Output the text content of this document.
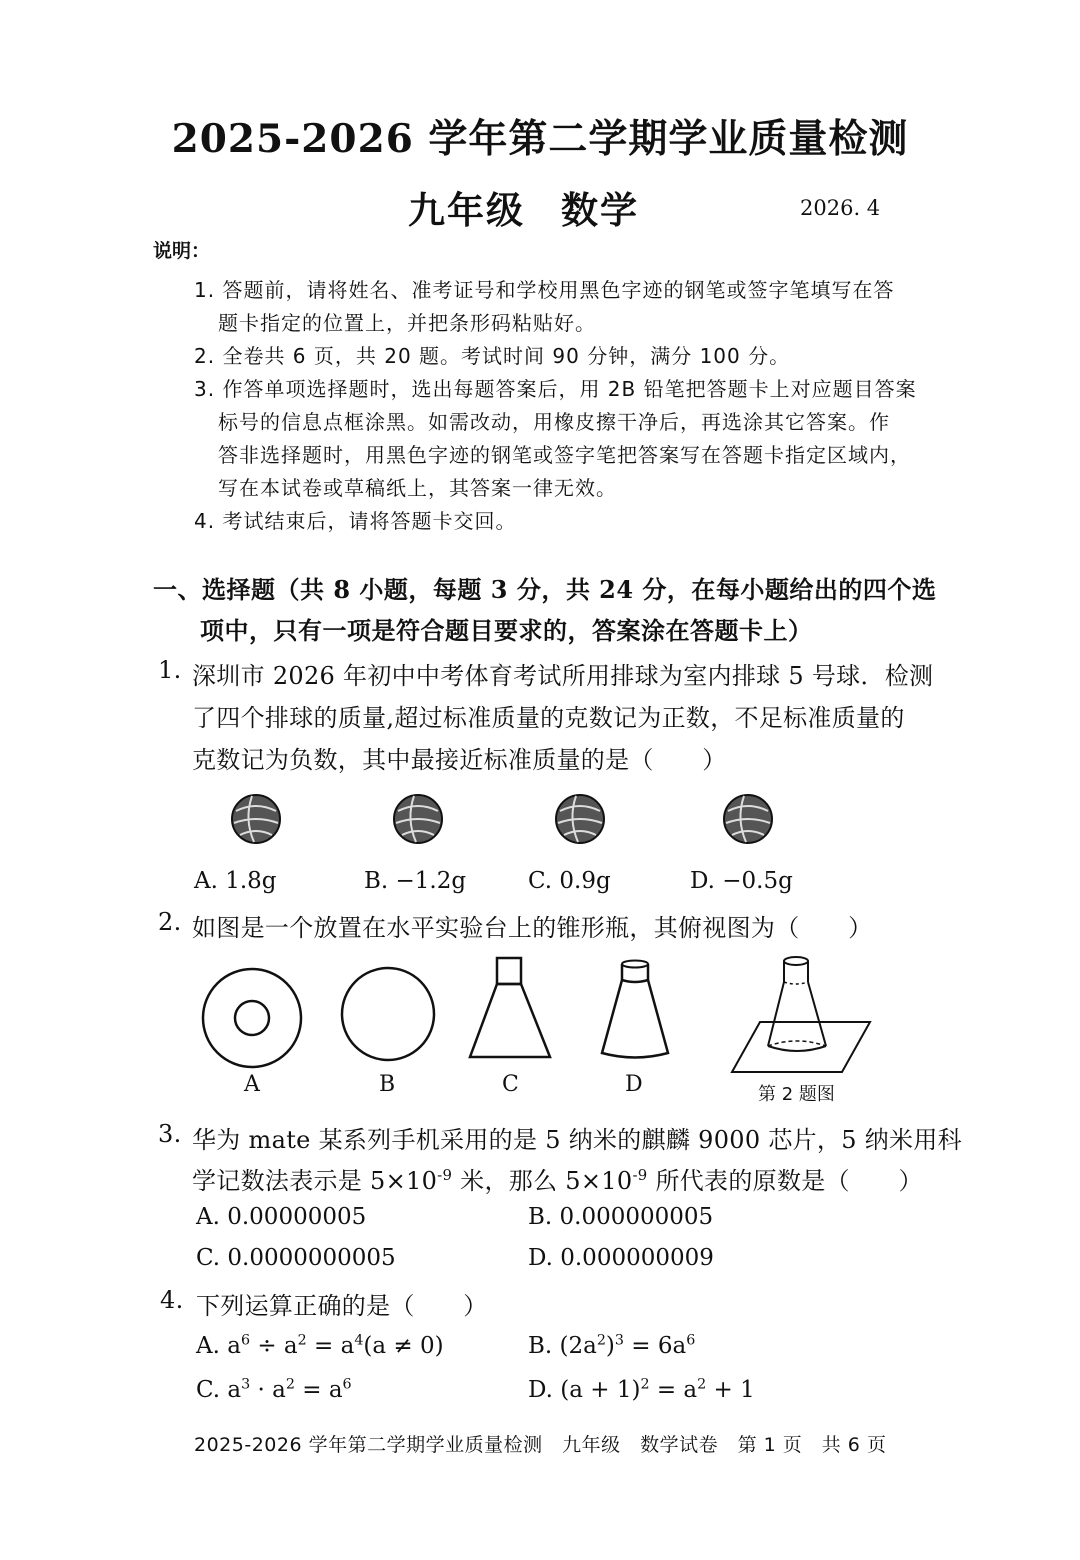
2025-2026 学年第二学期学业质量检测
九年级 数学	2026. 4
说明：
1. 答题前，请将姓名、准考证号和学校用黑色字迹的钢笔或签字笔填写在答
题卡指定的位置上，并把条形码粘贴好。
2. 全卷共 6 页，共 20 题。考试时间 90 分钟，满分 100 分。
3. 作答单项选择题时，选出每题答案后，用 2B 铅笔把答题卡上对应题目答案
标号的信息点框涂黑。如需改动，用橡皮擦干净后，再选涂其它答案。作
答非选择题时，用黑色字迹的钢笔或签字笔把答案写在答题卡指定区域内，
写在本试卷或草稿纸上，其答案一律无效。
4. 考试结束后，请将答题卡交回。
一、选择题（共 8 小题，每题 3 分，共 24 分，在每小题给出的四个选
项中，只有一项是符合题目要求的，答案涂在答题卡上）
1. 深圳市 2026 年初中中考体育考试所用排球为室内排球 5 号球．检测
了四个排球的质量,超过标准质量的克数记为正数，不足标准质量的
克数记为负数，其中最接近标准质量的是（　　）
A. 1.8g	B. −1.2g	C. 0.9g	D. −0.5g
2. 如图是一个放置在水平实验台上的锥形瓶，其俯视图为（　　）
A	B	C	D	第 2 题图
3. 华为 mate 某系列手机采用的是 5 纳米的麒麟 9000 芯片，5 纳米用科
学记数法表示是 $5\times 10^{-9}$ 米，那么 $5\times 10^{-9}$ 所代表的原数是（　　）
A. 0.00000005	B. 0.000000005
C. 0.0000000005	D. 0.000000009
4. 下列运算正确的是（　　）
A. $a^6 \div a^2 = a^4(a \ne 0)$	B. $(2a^2)^3 = 6a^6$
C. $a^3 \cdot a^2 = a^6$	D. $(a + 1)^2 = a^2 + 1$
2025-2026 学年第二学期学业质量检测　九年级　数学试卷　第 1 页　共 6 页
